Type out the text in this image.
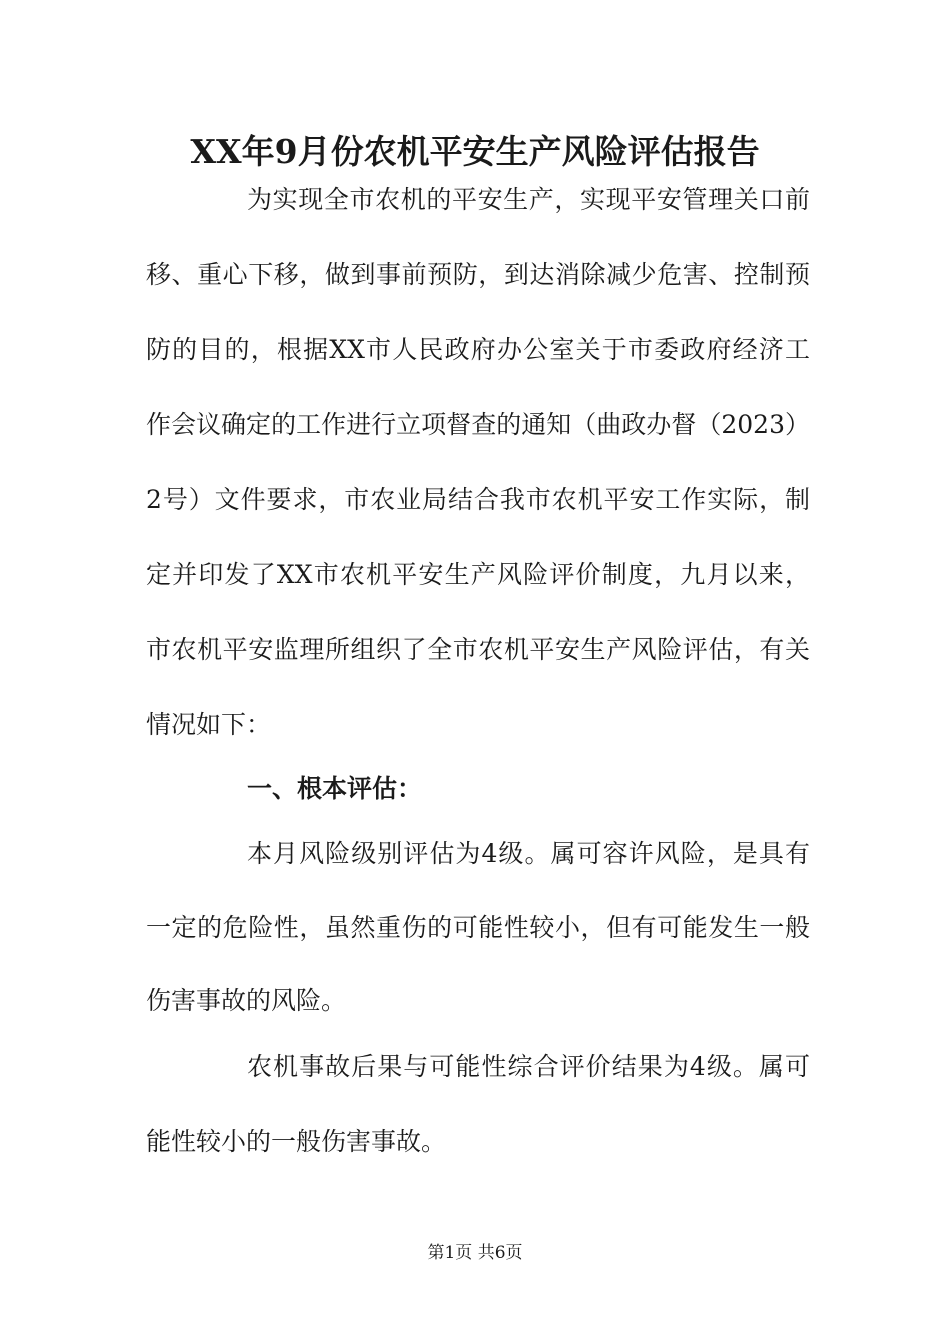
XX年9月份农机平安生产风险评估报告
为实现全市农机的平安生产，实现平安管理关口前
移、重心下移，做到事前预防，到达消除减少危害、控制预
防的目的，根据XX市人民政府办公室关于市委政府经济工
作会议确定的工作进行立项督查的通知（曲政办督（2023）
2号）文件要求，市农业局结合我市农机平安工作实际，制
定并印发了XX市农机平安生产风险评价制度，九月以来，
市农机平安监理所组织了全市农机平安生产风险评估，有关
情况如下：
一、根本评估：
本月风险级别评估为4级。属可容许风险，是具有
一定的危险性，虽然重伤的可能性较小，但有可能发生一般
伤害事故的风险。
农机事故后果与可能性综合评价结果为4级。属可
能性较小的一般伤害事故。
第1页 共6页
